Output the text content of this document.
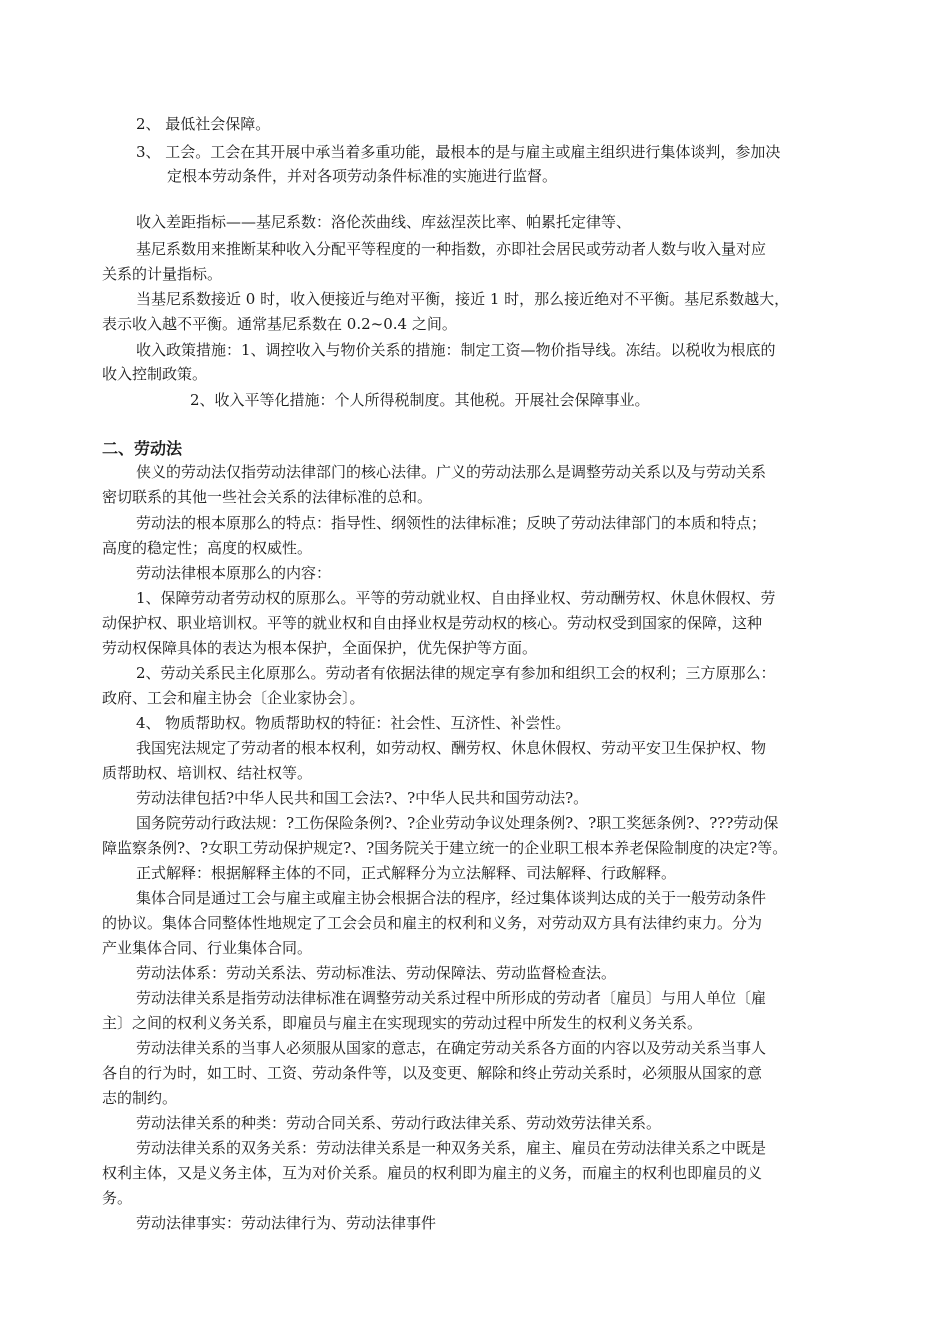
2、 最低社会保障。
3、 工会。工会在其开展中承当着多重功能，最根本的是与雇主或雇主组织进行集体谈判，参加决
定根本劳动条件，并对各项劳动条件标准的实施进行监督。
收入差距指标——基尼系数：洛伦茨曲线、库兹涅茨比率、帕累托定律等、
基尼系数用来推断某种收入分配平等程度的一种指数，亦即社会居民或劳动者人数与收入量对应
关系的计量指标。
当基尼系数接近 0 时，收入便接近与绝对平衡，接近 1 时，那么接近绝对不平衡。基尼系数越大，
表示收入越不平衡。通常基尼系数在 0.2~0.4 之间。
收入政策措施：1、调控收入与物价关系的措施：制定工资—物价指导线。冻结。以税收为根底的
收入控制政策。
2、收入平等化措施：个人所得税制度。其他税。开展社会保障事业。
二、劳动法
侠义的劳动法仅指劳动法律部门的核心法律。广义的劳动法那么是调整劳动关系以及与劳动关系
密切联系的其他一些社会关系的法律标准的总和。
劳动法的根本原那么的特点：指导性、纲领性的法律标准；反映了劳动法律部门的本质和特点；
高度的稳定性；高度的权威性。
劳动法律根本原那么的内容：
1、保障劳动者劳动权的原那么。平等的劳动就业权、自由择业权、劳动酬劳权、休息休假权、劳
动保护权、职业培训权。平等的就业权和自由择业权是劳动权的核心。劳动权受到国家的保障，这种
劳动权保障具体的表达为根本保护，全面保护，优先保护等方面。
2、劳动关系民主化原那么。劳动者有依据法律的规定享有参加和组织工会的权利；三方原那么：
政府、工会和雇主协会〔企业家协会〕。
4、 物质帮助权。物质帮助权的特征：社会性、互济性、补尝性。
我国宪法规定了劳动者的根本权利，如劳动权、酬劳权、休息休假权、劳动平安卫生保护权、物
质帮助权、培训权、结社权等。
劳动法律包括?中华人民共和国工会法?、?中华人民共和国劳动法?。
国务院劳动行政法规：?工伤保险条例?、?企业劳动争议处理条例?、?职工奖惩条例?、???劳动保
障监察条例?、?女职工劳动保护规定?、?国务院关于建立统一的企业职工根本养老保险制度的决定?等。
正式解释：根据解释主体的不同，正式解释分为立法解释、司法解释、行政解释。
集体合同是通过工会与雇主或雇主协会根据合法的程序，经过集体谈判达成的关于一般劳动条件
的协议。集体合同整体性地规定了工会会员和雇主的权利和义务，对劳动双方具有法律约束力。分为
产业集体合同、行业集体合同。
劳动法体系：劳动关系法、劳动标准法、劳动保障法、劳动监督检查法。
劳动法律关系是指劳动法律标准在调整劳动关系过程中所形成的劳动者〔雇员〕与用人单位〔雇
主〕之间的权利义务关系，即雇员与雇主在实现现实的劳动过程中所发生的权利义务关系。
劳动法律关系的当事人必须服从国家的意志，在确定劳动关系各方面的内容以及劳动关系当事人
各自的行为时，如工时、工资、劳动条件等，以及变更、解除和终止劳动关系时，必须服从国家的意
志的制约。
劳动法律关系的种类：劳动合同关系、劳动行政法律关系、劳动效劳法律关系。
劳动法律关系的双务关系：劳动法律关系是一种双务关系，雇主、雇员在劳动法律关系之中既是
权利主体，又是义务主体，互为对价关系。雇员的权利即为雇主的义务，而雇主的权利也即雇员的义
务。
劳动法律事实：劳动法律行为、劳动法律事件
